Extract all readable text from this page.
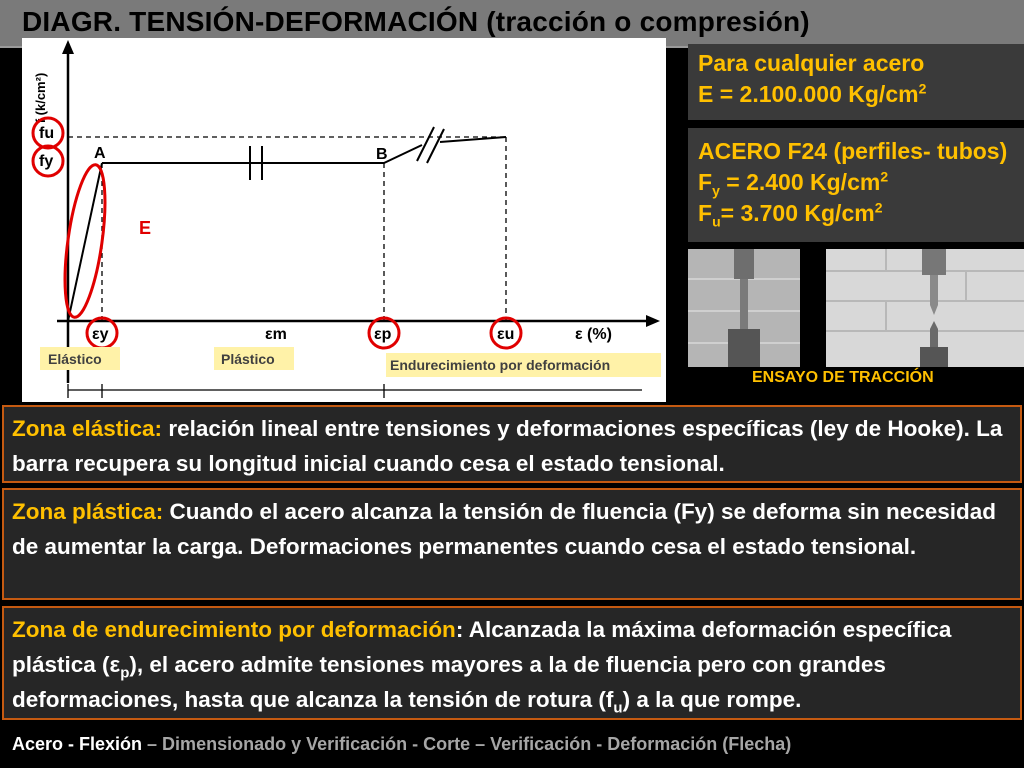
DIAGR. TENSIÓN-DEFORMACIÓN (tracción o compresión)
f (k/cm²)
fu
fy	A	B
E
εy	εm	εp	εu	ε (%)
Elástico	Plástico	Endurecimiento por deformación
Para cualquier acero
E = 2.100.000 $Kg/cm^2$
ACERO F24 (perfiles- tubos)
$F_y = 2.400$ $Kg/cm^2$
$F_u= 3.700$ $Kg/cm^2$
ENSAYO DE TRACCIÓN
Zona elástica: relación lineal entre tensiones y deformaciones específicas (ley de Hooke). La barra recupera su longitud inicial cuando cesa el estado tensional.
Zona plástica: Cuando el acero alcanza la tensión de fluencia (Fy) se deforma sin necesidad de aumentar la carga. Deformaciones permanentes cuando cesa el estado tensional.
Zona de endurecimiento por deformación: Alcanzada la máxima deformación específica plástica $(\varepsilon_p)$, el acero admite tensiones mayores a la de fluencia pero con grandes deformaciones, hasta que alcanza la tensión de rotura $(f_u)$ a la que rompe.
Acero - Flexión – Dimensionado y Verificación - Corte – Verificación - Deformación (Flecha)
